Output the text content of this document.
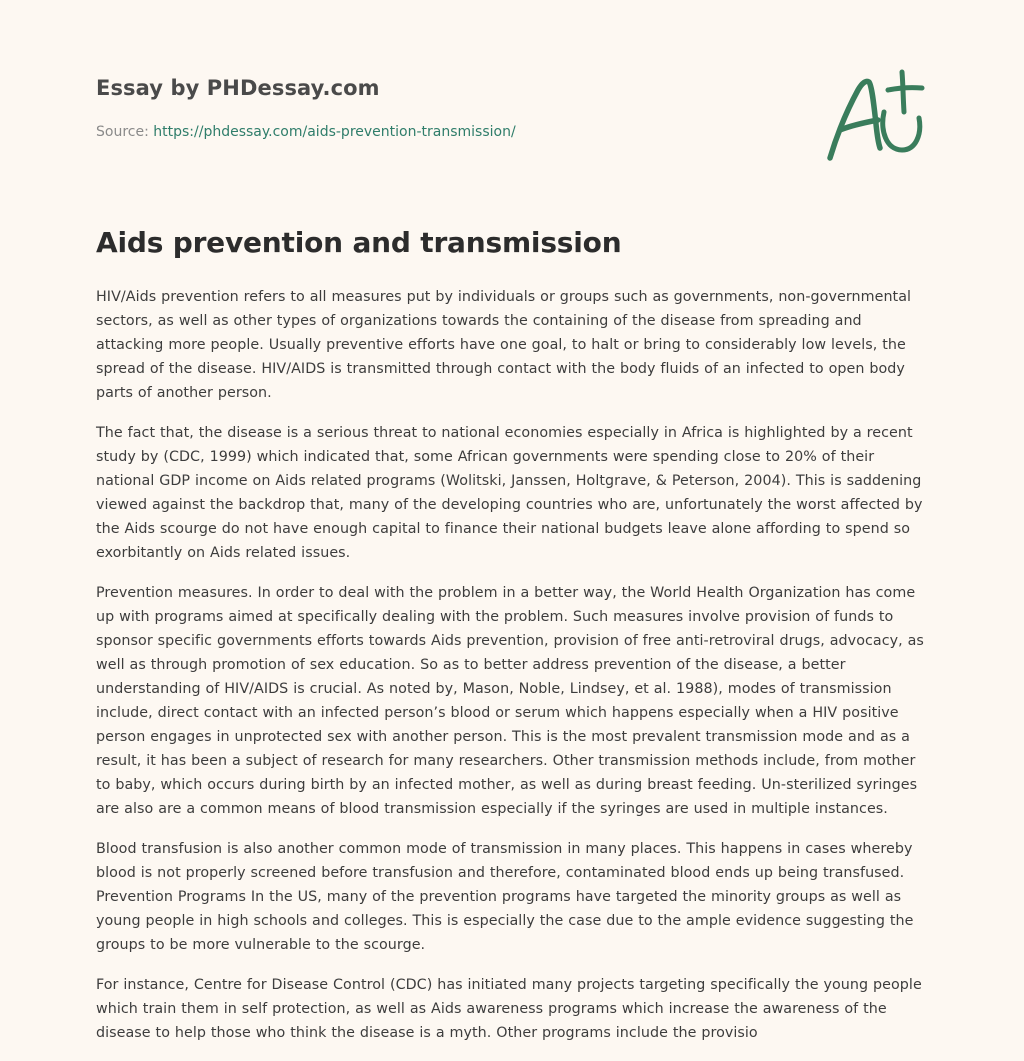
Essay by PHDessay.com
Source: https://phdessay.com/aids-prevention-transmission/
Aids prevention and transmission

HIV/Aids prevention refers to all measures put by individuals or groups such as governments, non-governmental sectors, as well as other types of organizations towards the containing of the disease from spreading and attacking more people. Usually preventive efforts have one goal, to halt or bring to considerably low levels, the spread of the disease. HIV/AIDS is transmitted through contact with the body fluids of an infected to open body parts of another person.

The fact that, the disease is a serious threat to national economies especially in Africa is highlighted by a recent study by (CDC, 1999) which indicated that, some African governments were spending close to 20% of their national GDP income on Aids related programs (Wolitski, Janssen, Holtgrave, & Peterson, 2004). This is saddening viewed against the backdrop that, many of the developing countries who are, unfortunately the worst affected by the Aids scourge do not have enough capital to finance their national budgets leave alone affording to spend so exorbitantly on Aids related issues.

Prevention measures. In order to deal with the problem in a better way, the World Health Organization has come up with programs aimed at specifically dealing with the problem. Such measures involve provision of funds to sponsor specific governments efforts towards Aids prevention, provision of free anti-retroviral drugs, advocacy, as well as through promotion of sex education. So as to better address prevention of the disease, a better understanding of HIV/AIDS is crucial. As noted by, Mason, Noble, Lindsey, et al. 1988), modes of transmission include, direct contact with an infected person’s blood or serum which happens especially when a HIV positive person engages in unprotected sex with another person. This is the most prevalent transmission mode and as a result, it has been a subject of research for many researchers. Other transmission methods include, from mother to baby, which occurs during birth by an infected mother, as well as during breast feeding. Un-sterilized syringes are also are a common means of blood transmission especially if the syringes are used in multiple instances.

Blood transfusion is also another common mode of transmission in many places. This happens in cases whereby blood is not properly screened before transfusion and therefore, contaminated blood ends up being transfused. Prevention Programs In the US, many of the prevention programs have targeted the minority groups as well as young people in high schools and colleges. This is especially the case due to the ample evidence suggesting the groups to be more vulnerable to the scourge.

For instance, Centre for Disease Control (CDC) has initiated many projects targeting specifically the young people which train them in self protection, as well as Aids awareness programs which increase the awareness of the disease to help those who think the disease is a myth. Other programs include the provisio
